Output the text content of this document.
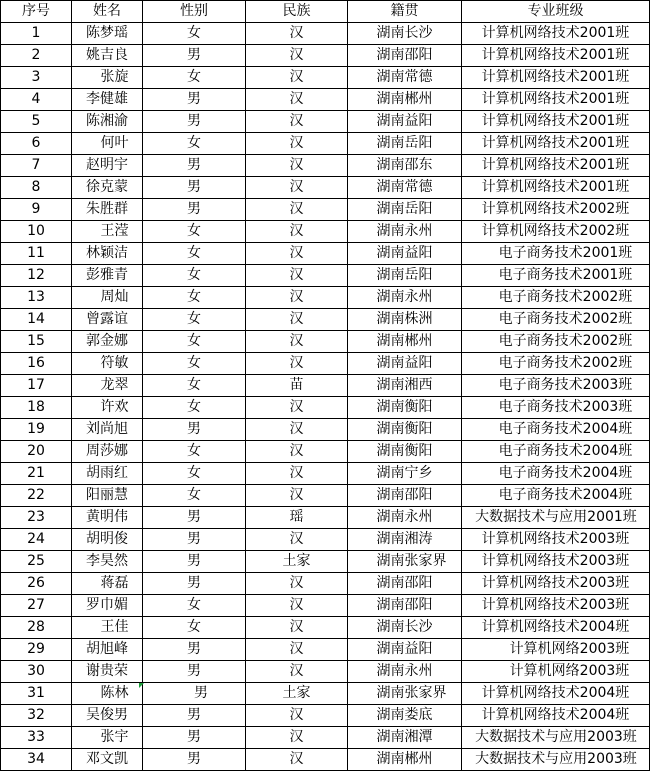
序号	姓名	性别	民族	籍贯	专业班级
1	陈梦瑶	女	汉	湖南长沙	计算机网络技术2001班
2	姚吉良	男	汉	湖南邵阳	计算机网络技术2001班
3	张旋	女	汉	湖南常德	计算机网络技术2001班
4	李健雄	男	汉	湖南郴州	计算机网络技术2001班
5	陈湘渝	男	汉	湖南益阳	计算机网络技术2001班
6	何叶	女	汉	湖南岳阳	计算机网络技术2001班
7	赵明宇	男	汉	湖南邵东	计算机网络技术2001班
8	徐克蒙	男	汉	湖南常德	计算机网络技术2001班
9	朱胜群	男	汉	湖南岳阳	计算机网络技术2002班
10	王滢	女	汉	湖南永州	计算机网络技术2002班
11	林颖洁	女	汉	湖南益阳	电子商务技术2001班
12	彭雅青	女	汉	湖南岳阳	电子商务技术2001班
13	周灿	女	汉	湖南永州	电子商务技术2002班
14	曾露谊	女	汉	湖南株洲	电子商务技术2002班
15	郭金娜	女	汉	湖南郴州	电子商务技术2002班
16	符敏	女	汉	湖南益阳	电子商务技术2002班
17	龙翠	女	苗	湖南湘西	电子商务技术2003班
18	许欢	女	汉	湖南衡阳	电子商务技术2003班
19	刘尚旭	男	汉	湖南衡阳	电子商务技术2004班
20	周莎娜	女	汉	湖南衡阳	电子商务技术2004班
21	胡雨红	女	汉	湖南宁乡	电子商务技术2004班
22	阳丽慧	女	汉	湖南邵阳	电子商务技术2004班
23	黄明伟	男	瑶	湖南永州	大数据技术与应用2001班
24	胡明俊	男	汉	湖南湘涛	计算机网络技术2003班
25	李昊然	男	土家	湖南张家界	计算机网络技术2003班
26	蒋磊	男	汉	湖南邵阳	计算机网络技术2003班
27	罗巾媚	女	汉	湖南邵阳	计算机网络技术2003班
28	王佳	女	汉	湖南长沙	计算机网络技术2004班
29	胡旭峰	男	汉	湖南益阳	计算机网络2003班
30	谢贵荣	男	汉	湖南永州	计算机网络2003班
31	陈林	男	土家	湖南张家界	计算机网络技术2004班
32	吴俊男	男	汉	湖南娄底	计算机网络技术2004班
33	张宇	男	汉	湖南湘潭	大数据技术与应用2003班
34	邓文凯	男	汉	湖南郴州	大数据技术与应用2003班
